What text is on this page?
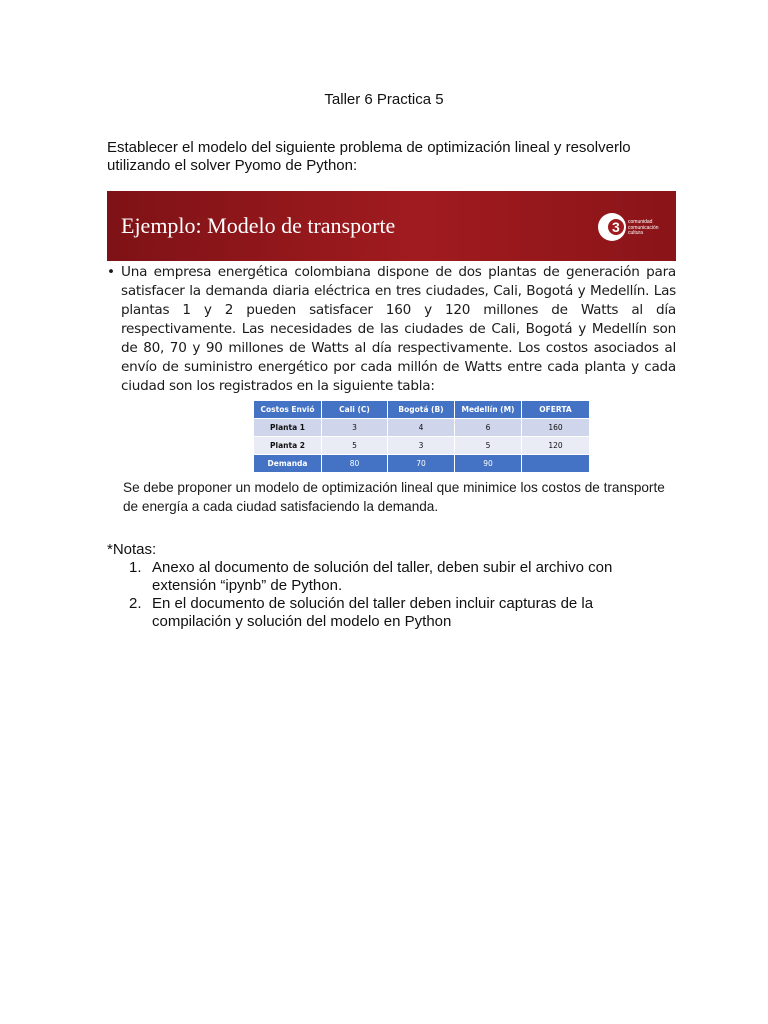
Taller 6 Practica 5
Establecer el modelo del siguiente problema de optimización lineal y resolverlo utilizando el solver Pyomo de Python:
Ejemplo: Modelo de transporte	3 comunidad
comunicación
cultura
• Una empresa energética colombiana dispone de dos plantas de generación para satisfacer la demanda diaria eléctrica en tres ciudades, Cali, Bogotá y Medellín. Las plantas 1 y 2 pueden satisfacer 160 y 120 millones de Watts al día respectivamente. Las necesidades de las ciudades de Cali, Bogotá y Medellín son de 80, 70 y 90 millones de Watts al día respectivamente. Los costos asociados al envío de suministro energético por cada millón de Watts entre cada planta y cada ciudad son los registrados en la siguiente tabla:
Costos Envió	Cali (C)	Bogotá (B)	Medellín (M)	OFERTA
Planta 1	3	4	6	160
Planta 2	5	3	5	120
Demanda	80	70	90	
Se debe proponer un modelo de optimización lineal que minimice los costos de transporte de energía a cada ciudad satisfaciendo la demanda.
*Notas:
1. Anexo al documento de solución del taller, deben subir el archivo con extensión “ipynb” de Python.
2. En el documento de solución del taller deben incluir capturas de la compilación y solución del modelo en Python
